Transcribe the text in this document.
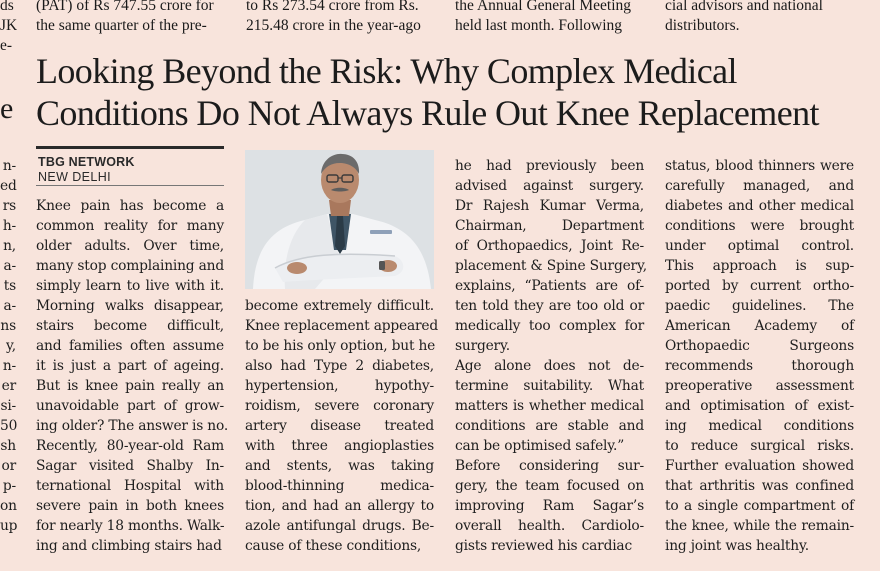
ds (PAT) of Rs 747.55 crore for to Rs 273.54 crore from Rs. the Annual General Meeting cial advisors and national
JK the same quarter of the pre-	215.48 crore in the year-ago held last month. Following	distributors.
e-
e
Looking Beyond the Risk: Why Complex Medical
Conditions Do Not Always Rule Out Knee Replacement
TBG NETWORK
NEW DELHI
n-
ed
rs
h-
n,
a-
ts
a-
ns
y,
n-
er
si-
50
sh
or
p-
on
up
Knee pain has become a
common reality for many
older adults. Over time,
many stop complaining and
simply learn to live with it.
Morning walks disappear,
stairs become difficult,
and families often assume
it is just a part of ageing.
But is knee pain really an
unavoidable part of grow-
ing older? The answer is no.
Recently, 80-year-old Ram
Sagar visited Shalby In-
ternational Hospital with
severe pain in both knees
for nearly 18 months. Walk-
ing and climbing stairs had
become extremely difficult.
Knee replacement appeared
to be his only option, but he
also had Type 2 diabetes,
hypertension, hypothy-
roidism, severe coronary
artery disease treated
with three angioplasties
and stents, was taking
blood-thinning medica-
tion, and had an allergy to
azole antifungal drugs. Be-
cause of these conditions,
he had previously been
advised against surgery.
Dr Rajesh Kumar Verma,
Chairman, Department
of Orthopaedics, Joint Re-
placement & Spine Surgery,
explains, “Patients are of-
ten told they are too old or
medically too complex for
surgery.
Age alone does not de-
termine suitability. What
matters is whether medical
conditions are stable and
can be optimised safely.”
Before considering sur-
gery, the team focused on
improving Ram Sagar’s
overall health. Cardiolo-
gists reviewed his cardiac
status, blood thinners were
carefully managed, and
diabetes and other medical
conditions were brought
under optimal control.
This approach is sup-
ported by current ortho-
paedic guidelines. The
American Academy of
Orthopaedic Surgeons
recommends thorough
preoperative assessment
and optimisation of exist-
ing medical conditions
to reduce surgical risks.
Further evaluation showed
that arthritis was confined
to a single compartment of
the knee, while the remain-
ing joint was healthy.
